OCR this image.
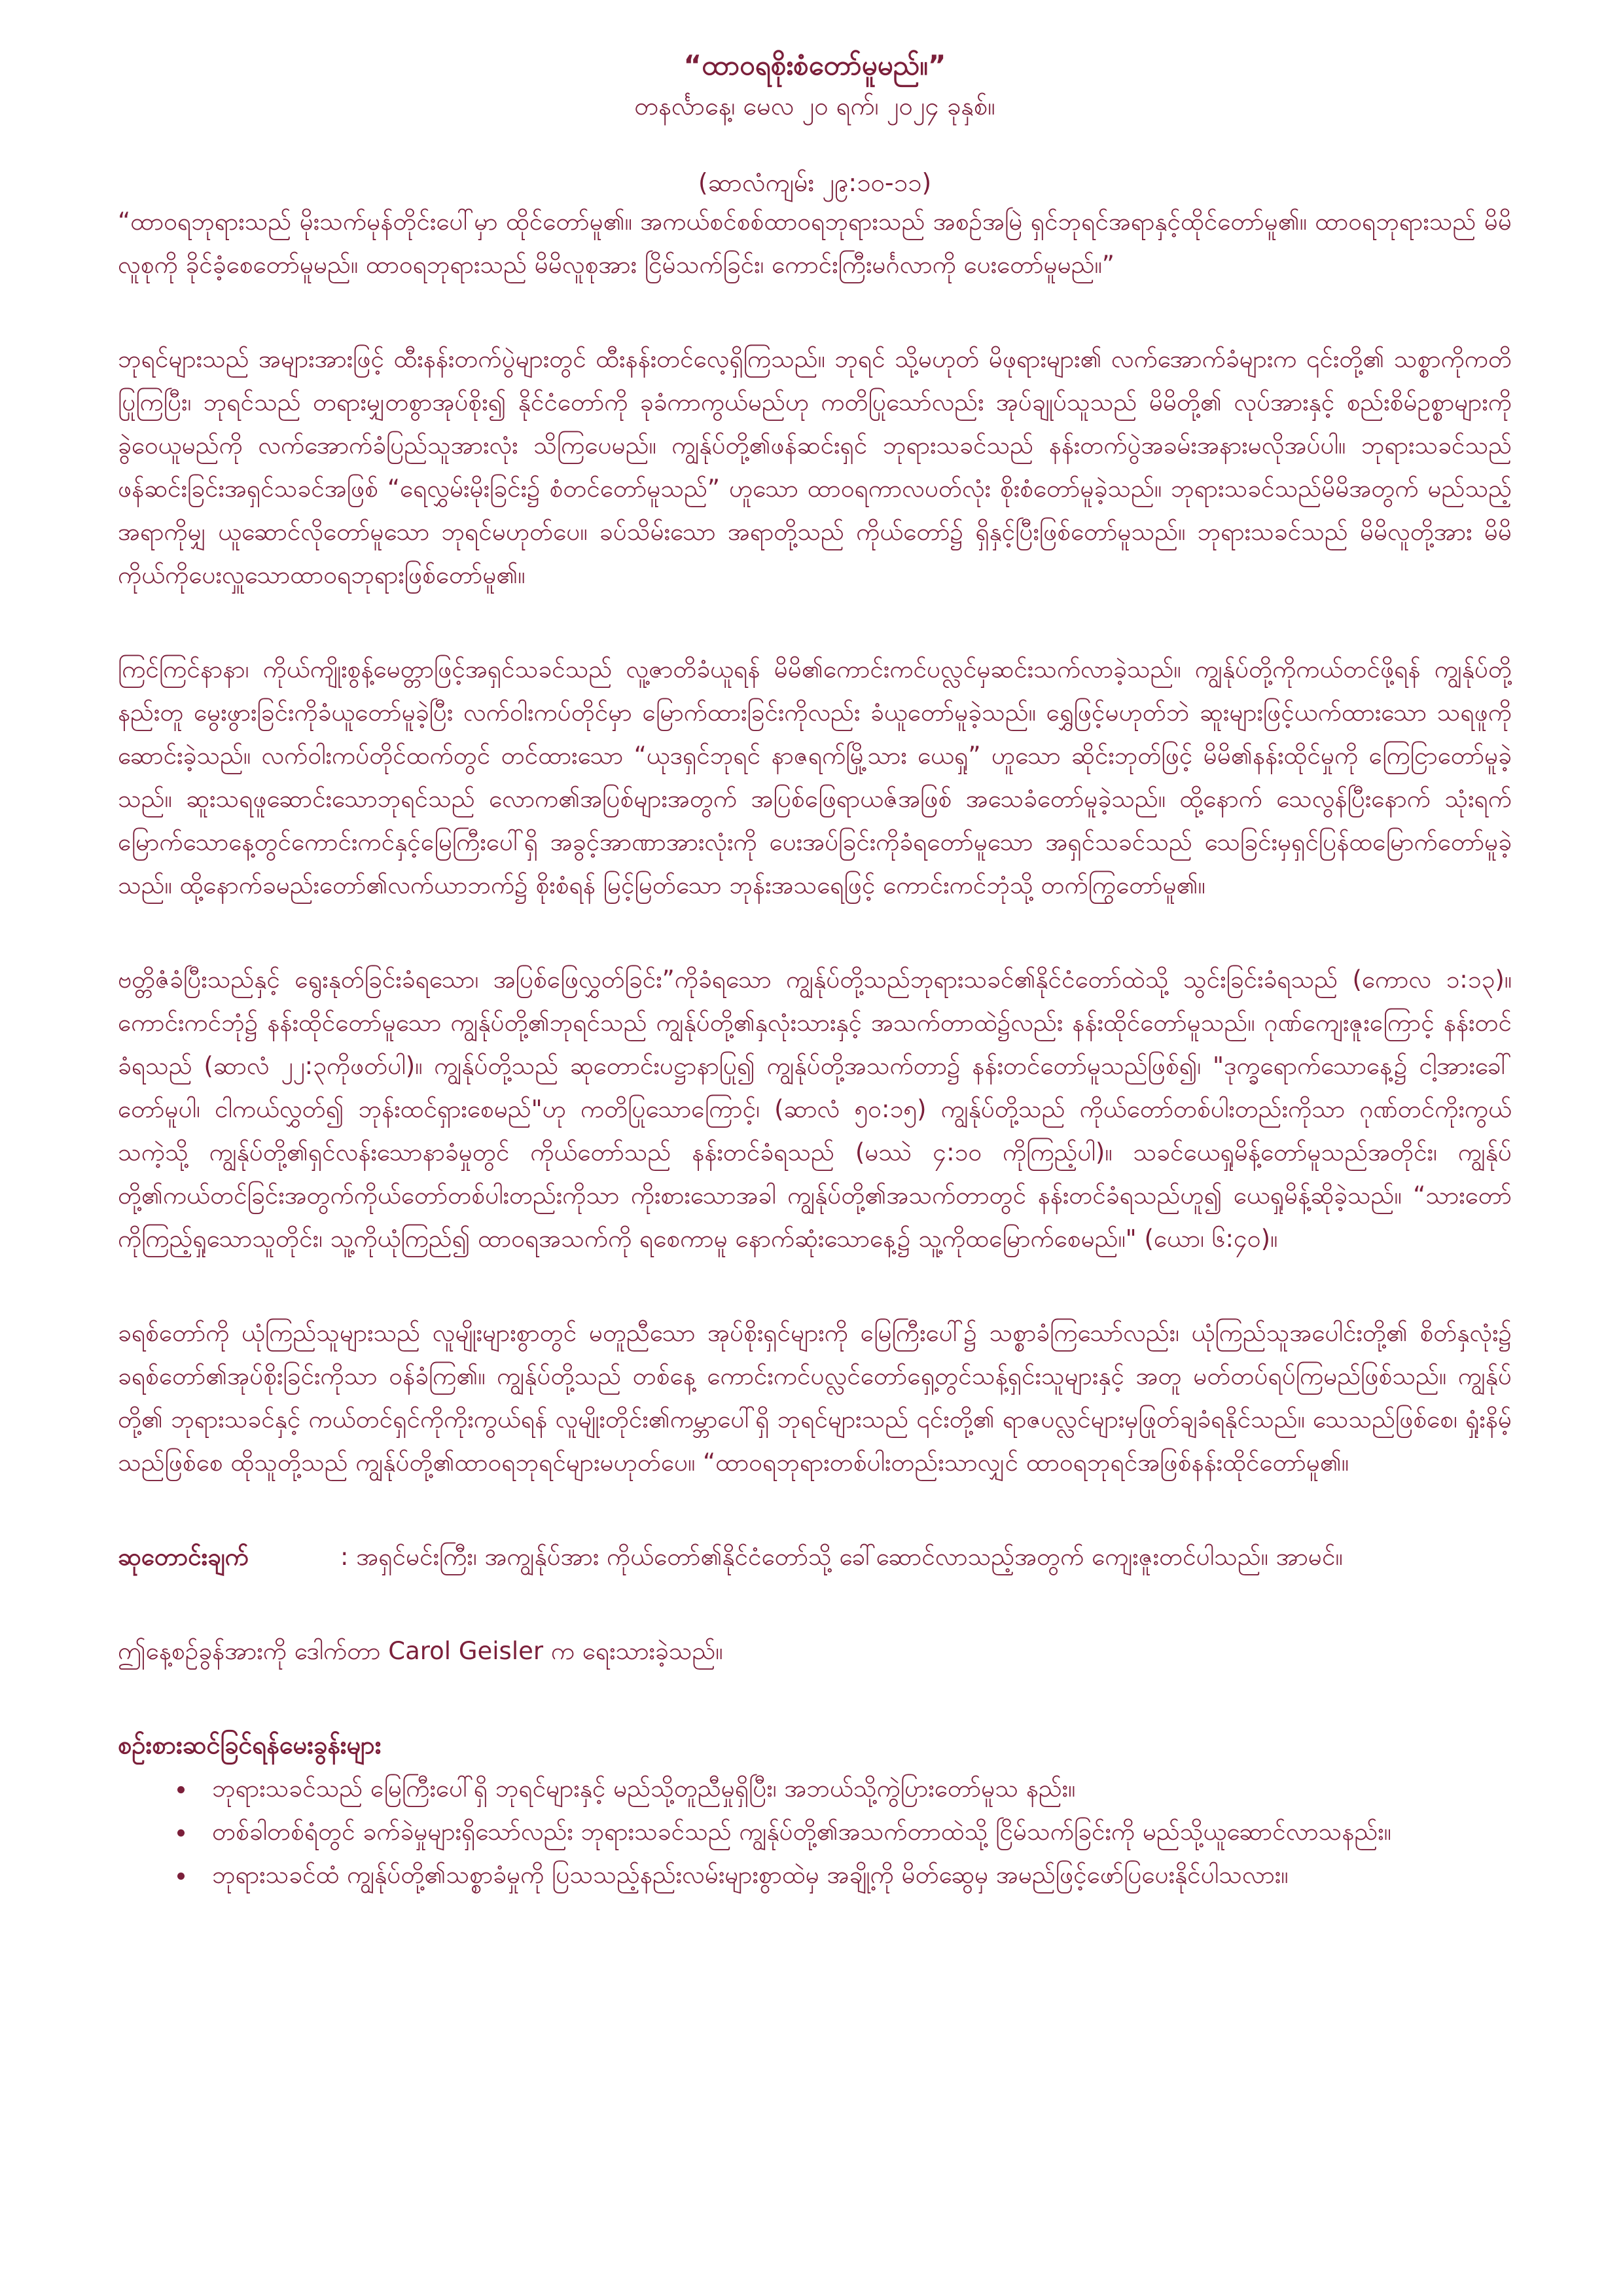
“ထာဝရစိုးစံတော်မူမည်။”
တနင်္လာနေ့၊ မေလ ၂၀ ရက်၊ ၂၀၂၄ ခုနှစ်။
(ဆာလံကျမ်း ၂၉:၁၀-၁၁)

“ထာဝရဘုရားသည် မိုးသက်မုန်တိုင်းပေါ်မှာ ထိုင်တော်မူ၏။ အကယ်စင်စစ်ထာဝရဘုရားသည် အစဉ်အမြဲ ရှင်ဘုရင်အရာနှင့်ထိုင်တော်မူ၏။ ထာဝရဘုရားသည် မိမိလူစုကို ခိုင်ခံ့စေတော်မူမည်။ ထာဝရဘုရားသည် မိမိလူစုအား ငြိမ်သက်ခြင်း၊ ကောင်းကြီးမင်္ဂလာကို ပေးတော်မူမည်။”

ဘုရင်များသည် အများအားဖြင့် ထီးနန်းတက်ပွဲများတွင် ထီးနန်းတင်လေ့ရှိကြသည်။ ဘုရင် သို့မဟုတ် မိဖုရားများ၏ လက်အောက်ခံများက ၎င်းတို့၏ သစ္စာကိုကတိပြုကြပြီး၊ ဘုရင်သည် တရားမျှတစွာအုပ်စိုး၍ နိုင်ငံတော်ကို ခုခံကာကွယ်မည်ဟု ကတိပြုသော်လည်း အုပ်ချုပ်သူသည် မိမိတို့၏ လုပ်အားနှင့် စည်းစိမ်ဥစ္စာများကို ခွဲဝေယူမည်ကို လက်အောက်ခံပြည်သူအားလုံး သိကြပေမည်။ ကျွန်ုပ်တို့၏ဖန်ဆင်းရှင် ဘုရားသခင်သည် နန်းတက်ပွဲအခမ်းအနားမလိုအပ်ပါ။ ဘုရားသခင်သည် ဖန်ဆင်းခြင်းအရှင်သခင်အဖြစ် “ရေလွှမ်းမိုးခြင်း၌ စံတင်တော်မူသည်” ဟူသော ထာဝရကာလပတ်လုံး စိုးစံတော်မူခဲ့သည်။ ဘုရားသခင်သည်မိမိအတွက် မည်သည့်အရာကိုမျှ ယူဆောင်လိုတော်မူသော ဘုရင်မဟုတ်ပေ။ ခပ်သိမ်းသော အရာတို့သည် ကိုယ်တော်၌ ရှိနှင့်ပြီးဖြစ်တော်မူသည်။ ဘုရားသခင်သည် မိမိလူတို့အား မိမိကိုယ်ကိုပေးလှူသောထာဝရဘုရားဖြစ်တော်မူ၏။

ကြင်ကြင်နာနာ၊ ကိုယ်ကျိုးစွန့်မေတ္တာဖြင့်အရှင်သခင်သည် လူ့ဇာတိခံယူရန် မိမိ၏ကောင်းကင်ပလ္လင်မှဆင်းသက်လာခဲ့သည်။ ကျွန်ုပ်တို့ကိုကယ်တင်ဖို့ရန် ကျွန်ုပ်တို့နည်းတူ မွေးဖွားခြင်းကိုခံယူတော်မူခဲ့ပြီး လက်ဝါးကပ်တိုင်မှာ မြောက်ထားခြင်းကိုလည်း ခံယူတော်မူခဲ့သည်။ ရွှေဖြင့်မဟုတ်ဘဲ ဆူးများဖြင့်ယက်ထားသော သရဖူကိုဆောင်းခဲ့သည်။ လက်ဝါးကပ်တိုင်ထက်တွင် တင်ထားသော “ယုဒရှင်ဘုရင် နာဇရက်မြို့သား ယေရှု” ဟူသော ဆိုင်းဘုတ်ဖြင့် မိမိ၏နန်းထိုင်မှုကို ကြေငြာတော်မူခဲ့သည်။ ဆူးသရဖူဆောင်းသောဘုရင်သည် လောက၏အပြစ်များအတွက် အပြစ်ဖြေရာယဇ်အဖြစ် အသေခံတော်မူခဲ့သည်။ ထို့နောက် သေလွန်ပြီးနောက် သုံးရက်မြောက်သောနေ့တွင်ကောင်းကင်နှင့်မြေကြီးပေါ်ရှိ အခွင့်အာဏာအားလုံးကို ပေးအပ်ခြင်းကိုခံရတော်မူသော အရှင်သခင်သည် သေခြင်းမှရှင်ပြန်ထမြောက်တော်မူခဲ့သည်။ ထို့နောက်ခမည်းတော်၏လက်ယာဘက်၌ စိုးစံရန် မြင့်မြတ်သော ဘုန်းအသရေဖြင့် ကောင်းကင်ဘုံသို့ တက်ကြွတော်မူ၏။

ဗတ္တိဇံခံပြီးသည်နှင့် ရွေးနုတ်ခြင်းခံရသော၊ အပြစ်ဖြေလွှတ်ခြင်း”ကိုခံရသော ကျွန်ုပ်တို့သည်ဘုရားသခင်၏နိုင်ငံတော်ထဲသို့ သွင်းခြင်းခံရသည် (ကောလ ၁:၁၃)။ ကောင်းကင်ဘုံ၌ နန်းထိုင်တော်မူသော ကျွန်ုပ်တို့၏ဘုရင်သည် ကျွန်ုပ်တို့၏နှလုံးသားနှင့် အသက်တာထဲ၌လည်း နန်းထိုင်တော်မူသည်။ ဂုဏ်ကျေးဇူးကြောင့် နန်းတင်ခံရသည် (ဆာလံ ၂၂:၃ကိုဖတ်ပါ)။ ကျွန်ုပ်တို့သည် ဆုတောင်းပဋ္ဌာနာပြု၍ ကျွန်ုပ်တို့အသက်တာ၌ နန်းတင်တော်မူသည်ဖြစ်၍၊ "ဒုက္ခရောက်သောနေ့၌ ငါ့အားခေါ်တော်မူပါ၊ ငါကယ်လွှတ်၍ ဘုန်းထင်ရှားစေမည်"ဟု ကတိပြုသောကြောင့်၊ (ဆာလံ ၅၀:၁၅) ကျွန်ုပ်တို့သည် ကိုယ်တော်တစ်ပါးတည်းကိုသာ ဂုဏ်တင်ကိုးကွယ်သကဲ့သို့ ကျွန်ုပ်တို့၏ရှင်လန်းသောနာခံမှုတွင် ကိုယ်တော်သည် နန်းတင်ခံရသည် (မဿဲ ၄:၁၀ ကိုကြည့်ပါ)။ သခင်ယေရှုမိန့်တော်မူသည်အတိုင်း၊ ကျွန်ုပ်တို့၏ကယ်တင်ခြင်းအတွက်ကိုယ်တော်တစ်ပါးတည်းကိုသာ ကိုးစားသောအခါ ကျွန်ုပ်တို့၏အသက်တာတွင် နန်းတင်ခံရသည်ဟူ၍ ယေရှုမိန့်ဆိုခဲ့သည်။ “သားတော်ကိုကြည့်ရှုသောသူတိုင်း၊ သူ့ကိုယုံကြည်၍ ထာဝရအသက်ကို ရစေကာမူ နောက်ဆုံးသောနေ့၌ သူ့ကိုထမြောက်စေမည်။" (ယော၊ ၆:၄၀)။

ခရစ်တော်ကို ယုံကြည်သူများသည် လူမျိုးများစွာတွင် မတူညီသော အုပ်စိုးရှင်များကို မြေကြီးပေါ်၌ သစ္စာခံကြသော်လည်း၊ ယုံကြည်သူအပေါင်းတို့၏ စိတ်နှလုံး၌ ခရစ်တော်၏အုပ်စိုးခြင်းကိုသာ ဝန်ခံကြ၏။ ကျွန်ုပ်တို့သည် တစ်နေ့ ကောင်းကင်ပလ္လင်တော်ရှေ့တွင်သန့်ရှင်းသူများနှင့် အတူ မတ်တပ်ရပ်ကြမည်ဖြစ်သည်။ ကျွန်ုပ်တို့၏ ဘုရားသခင်နှင့် ကယ်တင်ရှင်ကိုကိုးကွယ်ရန် လူမျိုးတိုင်း၏ကမ္ဘာပေါ်ရှိ ဘုရင်များသည် ၎င်းတို့၏ ရာဇပလ္လင်များမှဖြုတ်ချခံရနိုင်သည်။ သေသည်ဖြစ်စေ၊ ရှုံးနိမ့်သည်ဖြစ်စေ ထိုသူတို့သည် ကျွန်ုပ်တို့၏ထာဝရဘုရင်များမဟုတ်ပေ။ “ထာဝရဘုရားတစ်ပါးတည်းသာလျှင် ထာဝရဘုရင်အဖြစ်နန်းထိုင်တော်မူ၏။

ဆုတောင်းချက်	: အရှင်မင်းကြီး၊ အကျွန်ုပ်အား ကိုယ်တော်၏နိုင်ငံတော်သို့ ခေါ်ဆောင်လာသည့်အတွက် ကျေးဇူးတင်ပါသည်။ အာမင်။

ဤနေ့စဉ်ခွန်အားကို ဒေါက်တာ Carol Geisler က ရေးသားခဲ့သည်။

စဉ်းစားဆင်ခြင်ရန်မေးခွန်းများ
• ဘုရားသခင်သည် မြေကြီးပေါ်ရှိ ဘုရင်များနှင့် မည်သို့တူညီမှုရှိပြီး၊ အဘယ်သို့ကွဲပြားတော်မူသ နည်း။
• တစ်ခါတစ်ရံတွင် ခက်ခဲမှုများရှိသော်လည်း ဘုရားသခင်သည် ကျွန်ုပ်တို့၏အသက်တာထဲသို့ ငြိမ်သက်ခြင်းကို မည်သို့ယူဆောင်လာသနည်း။
• ဘုရားသခင်ထံ ကျွန်ုပ်တို့၏သစ္စာခံမှုကို ပြသသည့်နည်းလမ်းများစွာထဲမှ အချို့ကို မိတ်ဆွေမှ အမည်ဖြင့်ဖော်ပြပေးနိုင်ပါသလား။
